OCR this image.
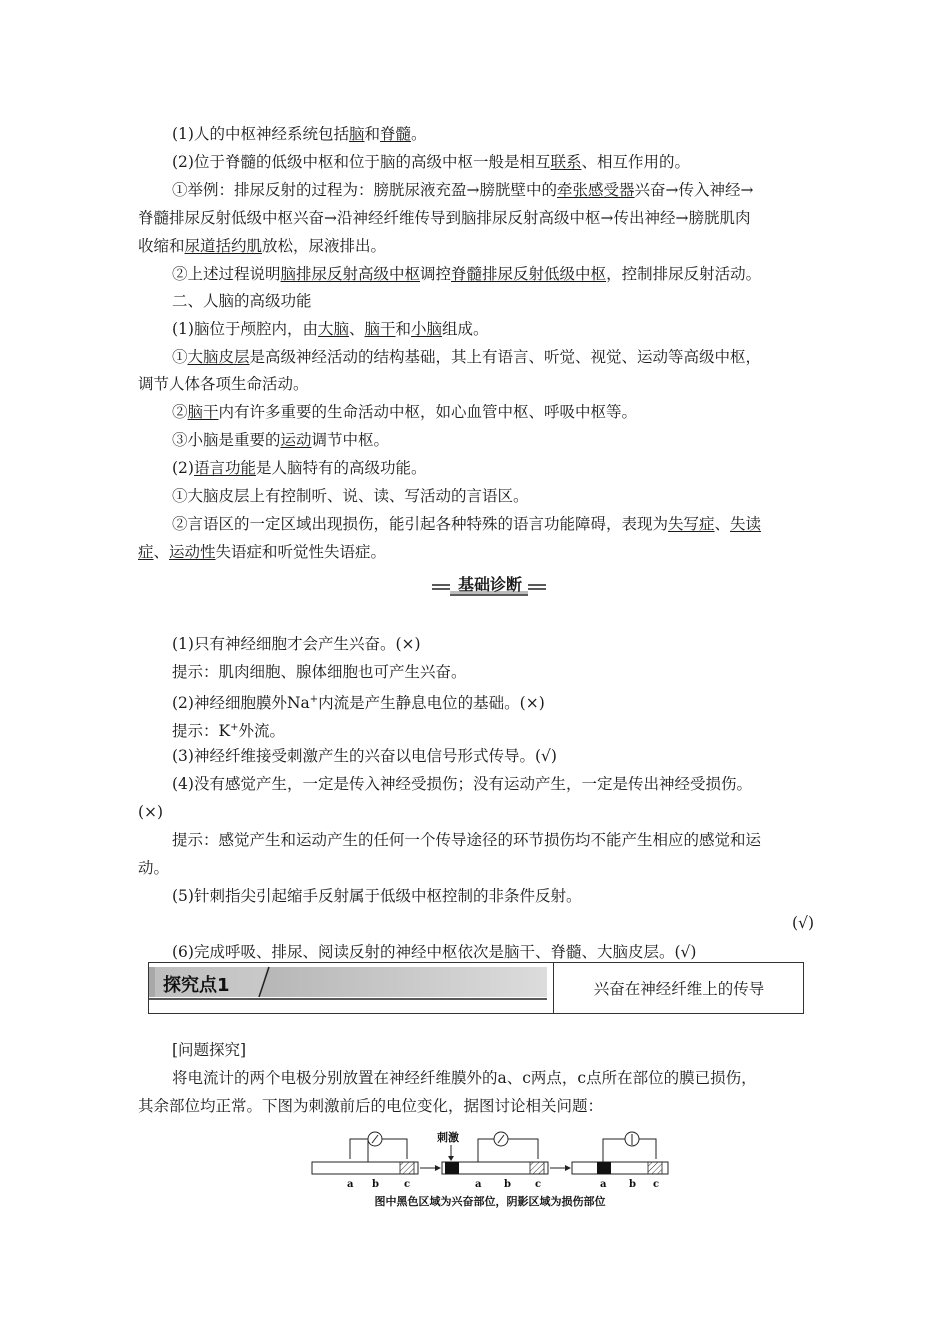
(1)人的中枢神经系统包括脑和脊髓。
(2)位于脊髓的低级中枢和位于脑的高级中枢一般是相互联系、相互作用的。
①举例：排尿反射的过程为：膀胱尿液充盈→膀胱壁中的牵张感受器兴奋→传入神经→
脊髓排尿反射低级中枢兴奋→沿神经纤维传导到脑排尿反射高级中枢→传出神经→膀胱肌肉
收缩和尿道括约肌放松，尿液排出。
②上述过程说明脑排尿反射高级中枢调控脊髓排尿反射低级中枢，控制排尿反射活动。
二、人脑的高级功能
(1)脑位于颅腔内，由大脑、脑干和小脑组成。
①大脑皮层是高级神经活动的结构基础，其上有语言、听觉、视觉、运动等高级中枢，
调节人体各项生命活动。
②脑干内有许多重要的生命活动中枢，如心血管中枢、呼吸中枢等。
③小脑是重要的运动调节中枢。
(2)语言功能是人脑特有的高级功能。
①大脑皮层上有控制听、说、读、写活动的言语区。
②言语区的一定区域出现损伤，能引起各种特殊的语言功能障碍，表现为失写症、失读
症、运动性失语症和听觉性失语症。
基础诊断
(1)只有神经细胞才会产生兴奋。(×)
提示：肌肉细胞、腺体细胞也可产生兴奋。
(2)神经细胞膜外Na+内流是产生静息电位的基础。(×)
提示：K+外流。
(3)神经纤维接受刺激产生的兴奋以电信号形式传导。(√)
(4)没有感觉产生，一定是传入神经受损伤；没有运动产生，一定是传出神经受损伤。
(×)
提示：感觉产生和运动产生的任何一个传导途径的环节损伤均不能产生相应的感觉和运
动。
(5)针刺指尖引起缩手反射属于低级中枢控制的非条件反射。
(√)
(6)完成呼吸、排尿、阅读反射的神经中枢依次是脑干、脊髓、大脑皮层。(√)
探究点1	兴奋在神经纤维上的传导
[问题探究]
将电流计的两个电极分别放置在神经纤维膜外的a、c两点，c点所在部位的膜已损伤，
其余部位均正常。下图为刺激前后的电位变化，据图讨论相关问题：
刺激
a b	c	a b c	a b c
图中黑色区域为兴奋部位，阴影区域为损伤部位
